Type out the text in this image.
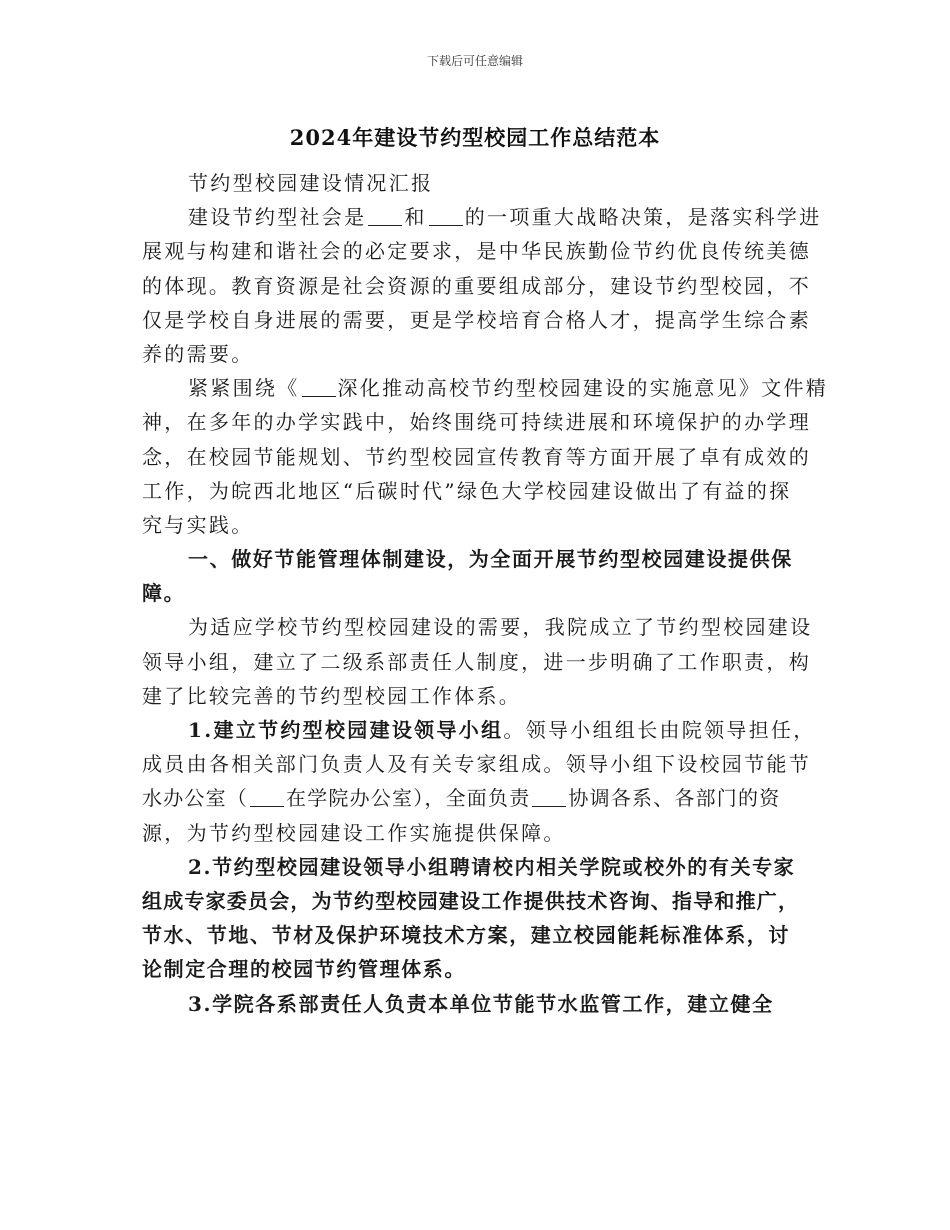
下载后可任意编辑
2024年建设节约型校园工作总结范本
节约型校园建设情况汇报
建设节约型社会是 和 的一项重大战略决策，是落实科学进
展观与构建和谐社会的必定要求，是中华民族勤俭节约优良传统美德
的体现。教育资源是社会资源的重要组成部分，建设节约型校园，不
仅是学校自身进展的需要，更是学校培育合格人才，提高学生综合素
养的需要。
紧紧围绕《 深化推动高校节约型校园建设的实施意见》文件精
神，在多年的办学实践中，始终围绕可持续进展和环境保护的办学理
念，在校园节能规划、节约型校园宣传教育等方面开展了卓有成效的
工作，为皖西北地区“后碳时代”绿色大学校园建设做出了有益的探
究与实践。
一、做好节能管理体制建设，为全面开展节约型校园建设提供保
障。
为适应学校节约型校园建设的需要，我院成立了节约型校园建设
领导小组，建立了二级系部责任人制度，进一步明确了工作职责，构
建了比较完善的节约型校园工作体系。
1.建立节约型校园建设领导小组。领导小组组长由院领导担任，
成员由各相关部门负责人及有关专家组成。领导小组下设校园节能节
水办公室（ 在学院办公室），全面负责 协调各系、各部门的资
源，为节约型校园建设工作实施提供保障。
2.节约型校园建设领导小组聘请校内相关学院或校外的有关专家
组成专家委员会，为节约型校园建设工作提供技术咨询、指导和推广，
节水、节地、节材及保护环境技术方案，建立校园能耗标准体系，讨
论制定合理的校园节约管理体系。
3.学院各系部责任人负责本单位节能节水监管工作，建立健全
